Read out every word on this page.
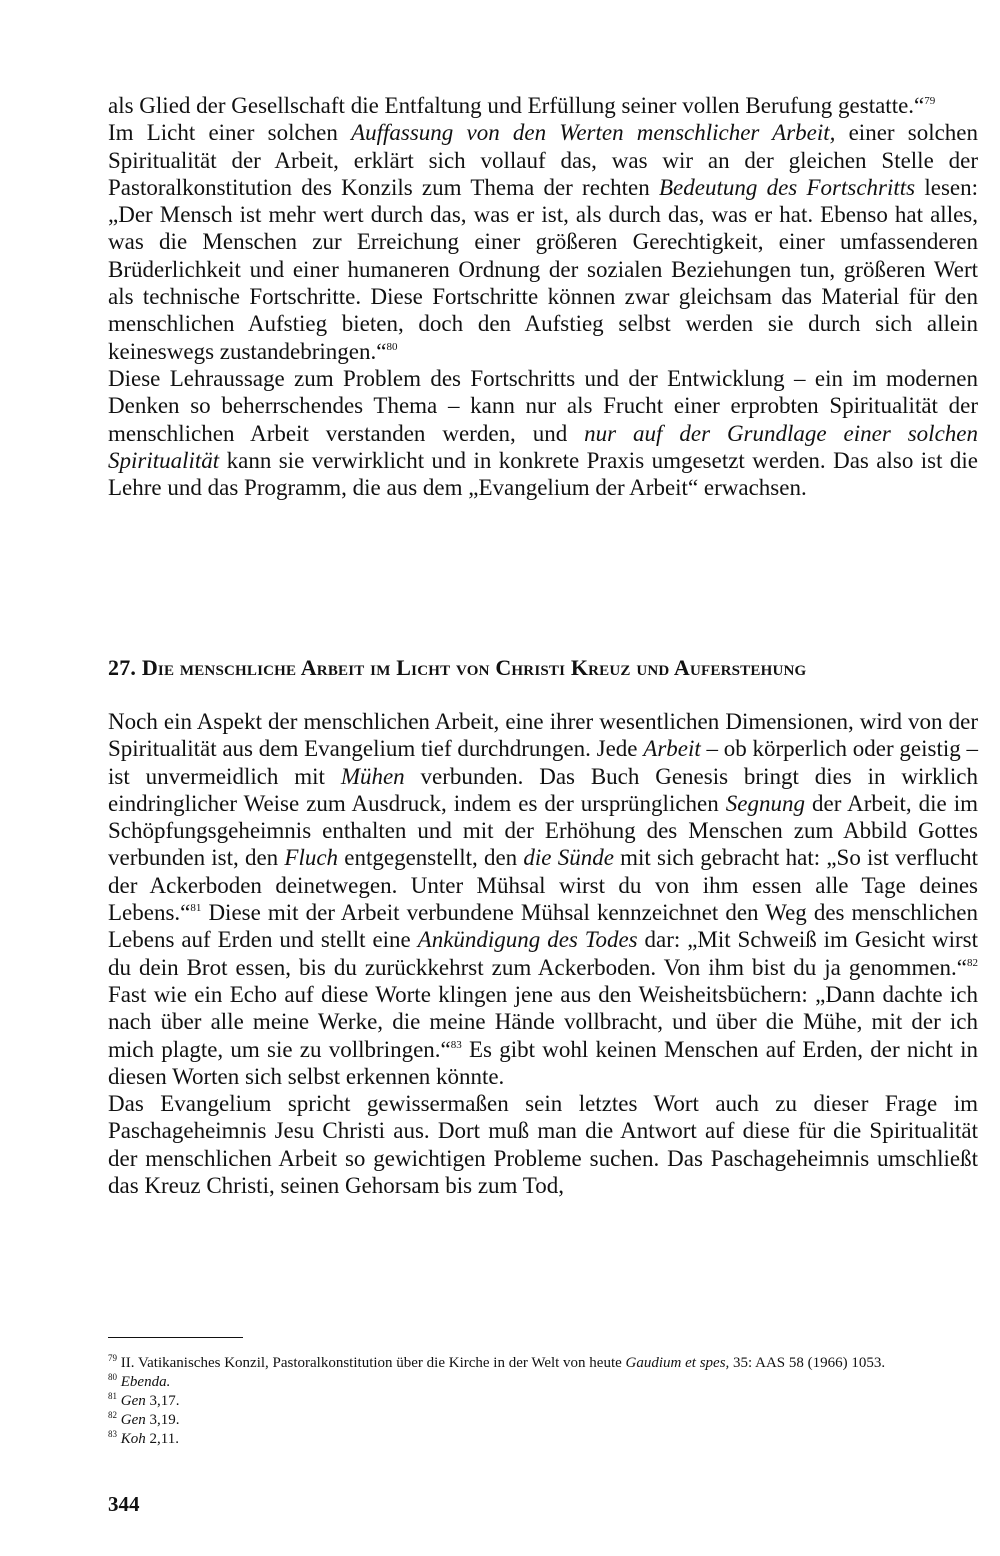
als Glied der Gesellschaft die Entfaltung und Erfüllung seiner vollen Berufung gestatte.“$^{79}$

Im Licht einer solchen Auffassung von den Werten menschlicher Arbeit, einer solchen Spiritualität der Arbeit, erklärt sich vollauf das, was wir an der gleichen Stelle der Pastoralkonstitution des Konzils zum Thema der rechten Bedeutung des Fortschritts lesen: „Der Mensch ist mehr wert durch das, was er ist, als durch das, was er hat. Ebenso hat alles, was die Menschen zur Erreichung einer größeren Gerechtigkeit, einer umfassenderen Brüderlichkeit und einer humaneren Ordnung der sozialen Beziehungen tun, größeren Wert als technische Fortschritte. Diese Fortschritte können zwar gleichsam das Material für den menschlichen Aufstieg bieten, doch den Aufstieg selbst werden sie durch sich allein keineswegs zustandebringen.“$^{80}$

Diese Lehraussage zum Problem des Fortschritts und der Entwicklung – ein im modernen Denken so beherrschendes Thema – kann nur als Frucht einer erprobten Spiritualität der menschlichen Arbeit verstanden werden, und nur auf der Grundlage einer solchen Spiritualität kann sie verwirklicht und in konkrete Praxis umgesetzt werden. Das also ist die Lehre und das Programm, die aus dem „Evangelium der Arbeit“ erwachsen.

27. Die menschliche Arbeit im Licht von Christi Kreuz und Auferstehung

Noch ein Aspekt der menschlichen Arbeit, eine ihrer wesentlichen Dimensionen, wird von der Spiritualität aus dem Evangelium tief durchdrungen. Jede Arbeit – ob körperlich oder geistig – ist unvermeidlich mit Mühen verbunden. Das Buch Genesis bringt dies in wirklich eindringlicher Weise zum Ausdruck, indem es der ursprünglichen Segnung der Arbeit, die im Schöpfungsgeheimnis enthalten und mit der Erhöhung des Menschen zum Abbild Gottes verbunden ist, den Fluch entgegenstellt, den die Sünde mit sich gebracht hat: „So ist verflucht der Ackerboden deinetwegen. Unter Mühsal wirst du von ihm essen alle Tage deines Lebens.“$^{81}$ Diese mit der Arbeit verbundene Mühsal kennzeichnet den Weg des menschlichen Lebens auf Erden und stellt eine Ankündigung des Todes dar: „Mit Schweiß im Gesicht wirst du dein Brot essen, bis du zurückkehrst zum Ackerboden. Von ihm bist du ja genommen.“$^{82}$ Fast wie ein Echo auf diese Worte klingen jene aus den Weisheitsbüchern: „Dann dachte ich nach über alle meine Werke, die meine Hände vollbracht, und über die Mühe, mit der ich mich plagte, um sie zu vollbringen.“$^{83}$ Es gibt wohl keinen Menschen auf Erden, der nicht in diesen Worten sich selbst erkennen könnte.

Das Evangelium spricht gewissermaßen sein letztes Wort auch zu dieser Frage im Paschageheimnis Jesu Christi aus. Dort muß man die Antwort auf diese für die Spiritualität der menschlichen Arbeit so gewichtigen Probleme suchen. Das Paschageheimnis umschließt das Kreuz Christi, seinen Gehorsam bis zum Tod,

$^{79}$ II. Vatikanisches Konzil, Pastoralkonstitution über die Kirche in der Welt von heute Gaudium et spes, 35: AAS 58 (1966) 1053.

$^{80}$ Ebenda.

$^{81}$ Gen 3,17.

$^{82}$ Gen 3,19.

$^{83}$ Koh 2,11.

344
